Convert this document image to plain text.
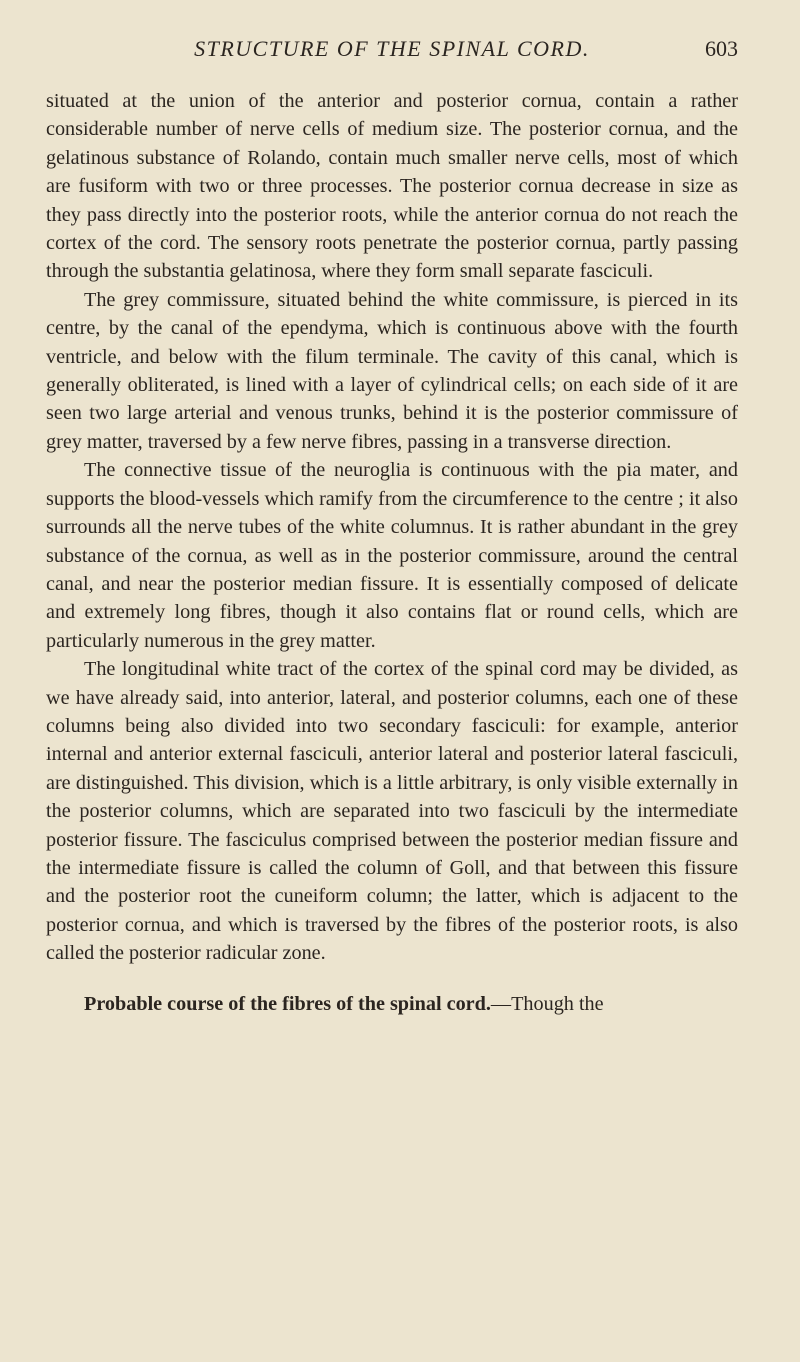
STRUCTURE OF THE SPINAL CORD.	603

situated at the union of the anterior and posterior cornua, contain a rather considerable number of nerve cells of medium size. The posterior cornua, and the gelatinous substance of Rolando, contain much smaller nerve cells, most of which are fusiform with two or three processes. The posterior cornua decrease in size as they pass directly into the posterior roots, while the anterior cornua do not reach the cortex of the cord. The sensory roots penetrate the posterior cornua, partly passing through the substantia gelatinosa, where they form small separate fasciculi.

The grey commissure, situated behind the white commissure, is pierced in its centre, by the canal of the ependyma, which is continuous above with the fourth ventricle, and below with the filum terminale. The cavity of this canal, which is generally obliterated, is lined with a layer of cylindrical cells; on each side of it are seen two large arterial and venous trunks, behind it is the posterior commissure of grey matter, traversed by a few nerve fibres, passing in a transverse direction.

The connective tissue of the neuroglia is continuous with the pia mater, and supports the blood-vessels which ramify from the circumference to the centre ; it also surrounds all the nerve tubes of the white columnus. It is rather abundant in the grey substance of the cornua, as well as in the posterior commissure, around the central canal, and near the posterior median fissure. It is essentially composed of delicate and extremely long fibres, though it also contains flat or round cells, which are particularly numerous in the grey matter.

The longitudinal white tract of the cortex of the spinal cord may be divided, as we have already said, into anterior, lateral, and posterior columns, each one of these columns being also divided into two secondary fasciculi: for example, anterior internal and anterior external fasciculi, anterior lateral and posterior lateral fasciculi, are distinguished. This division, which is a little arbitrary, is only visible externally in the posterior columns, which are separated into two fasciculi by the intermediate posterior fissure. The fasciculus comprised between the posterior median fissure and the intermediate fissure is called the column of Goll, and that between this fissure and the posterior root the cuneiform column; the latter, which is adjacent to the posterior cornua, and which is traversed by the fibres of the posterior roots, is also called the posterior radicular zone.

Probable course of the fibres of the spinal cord.—Though the
